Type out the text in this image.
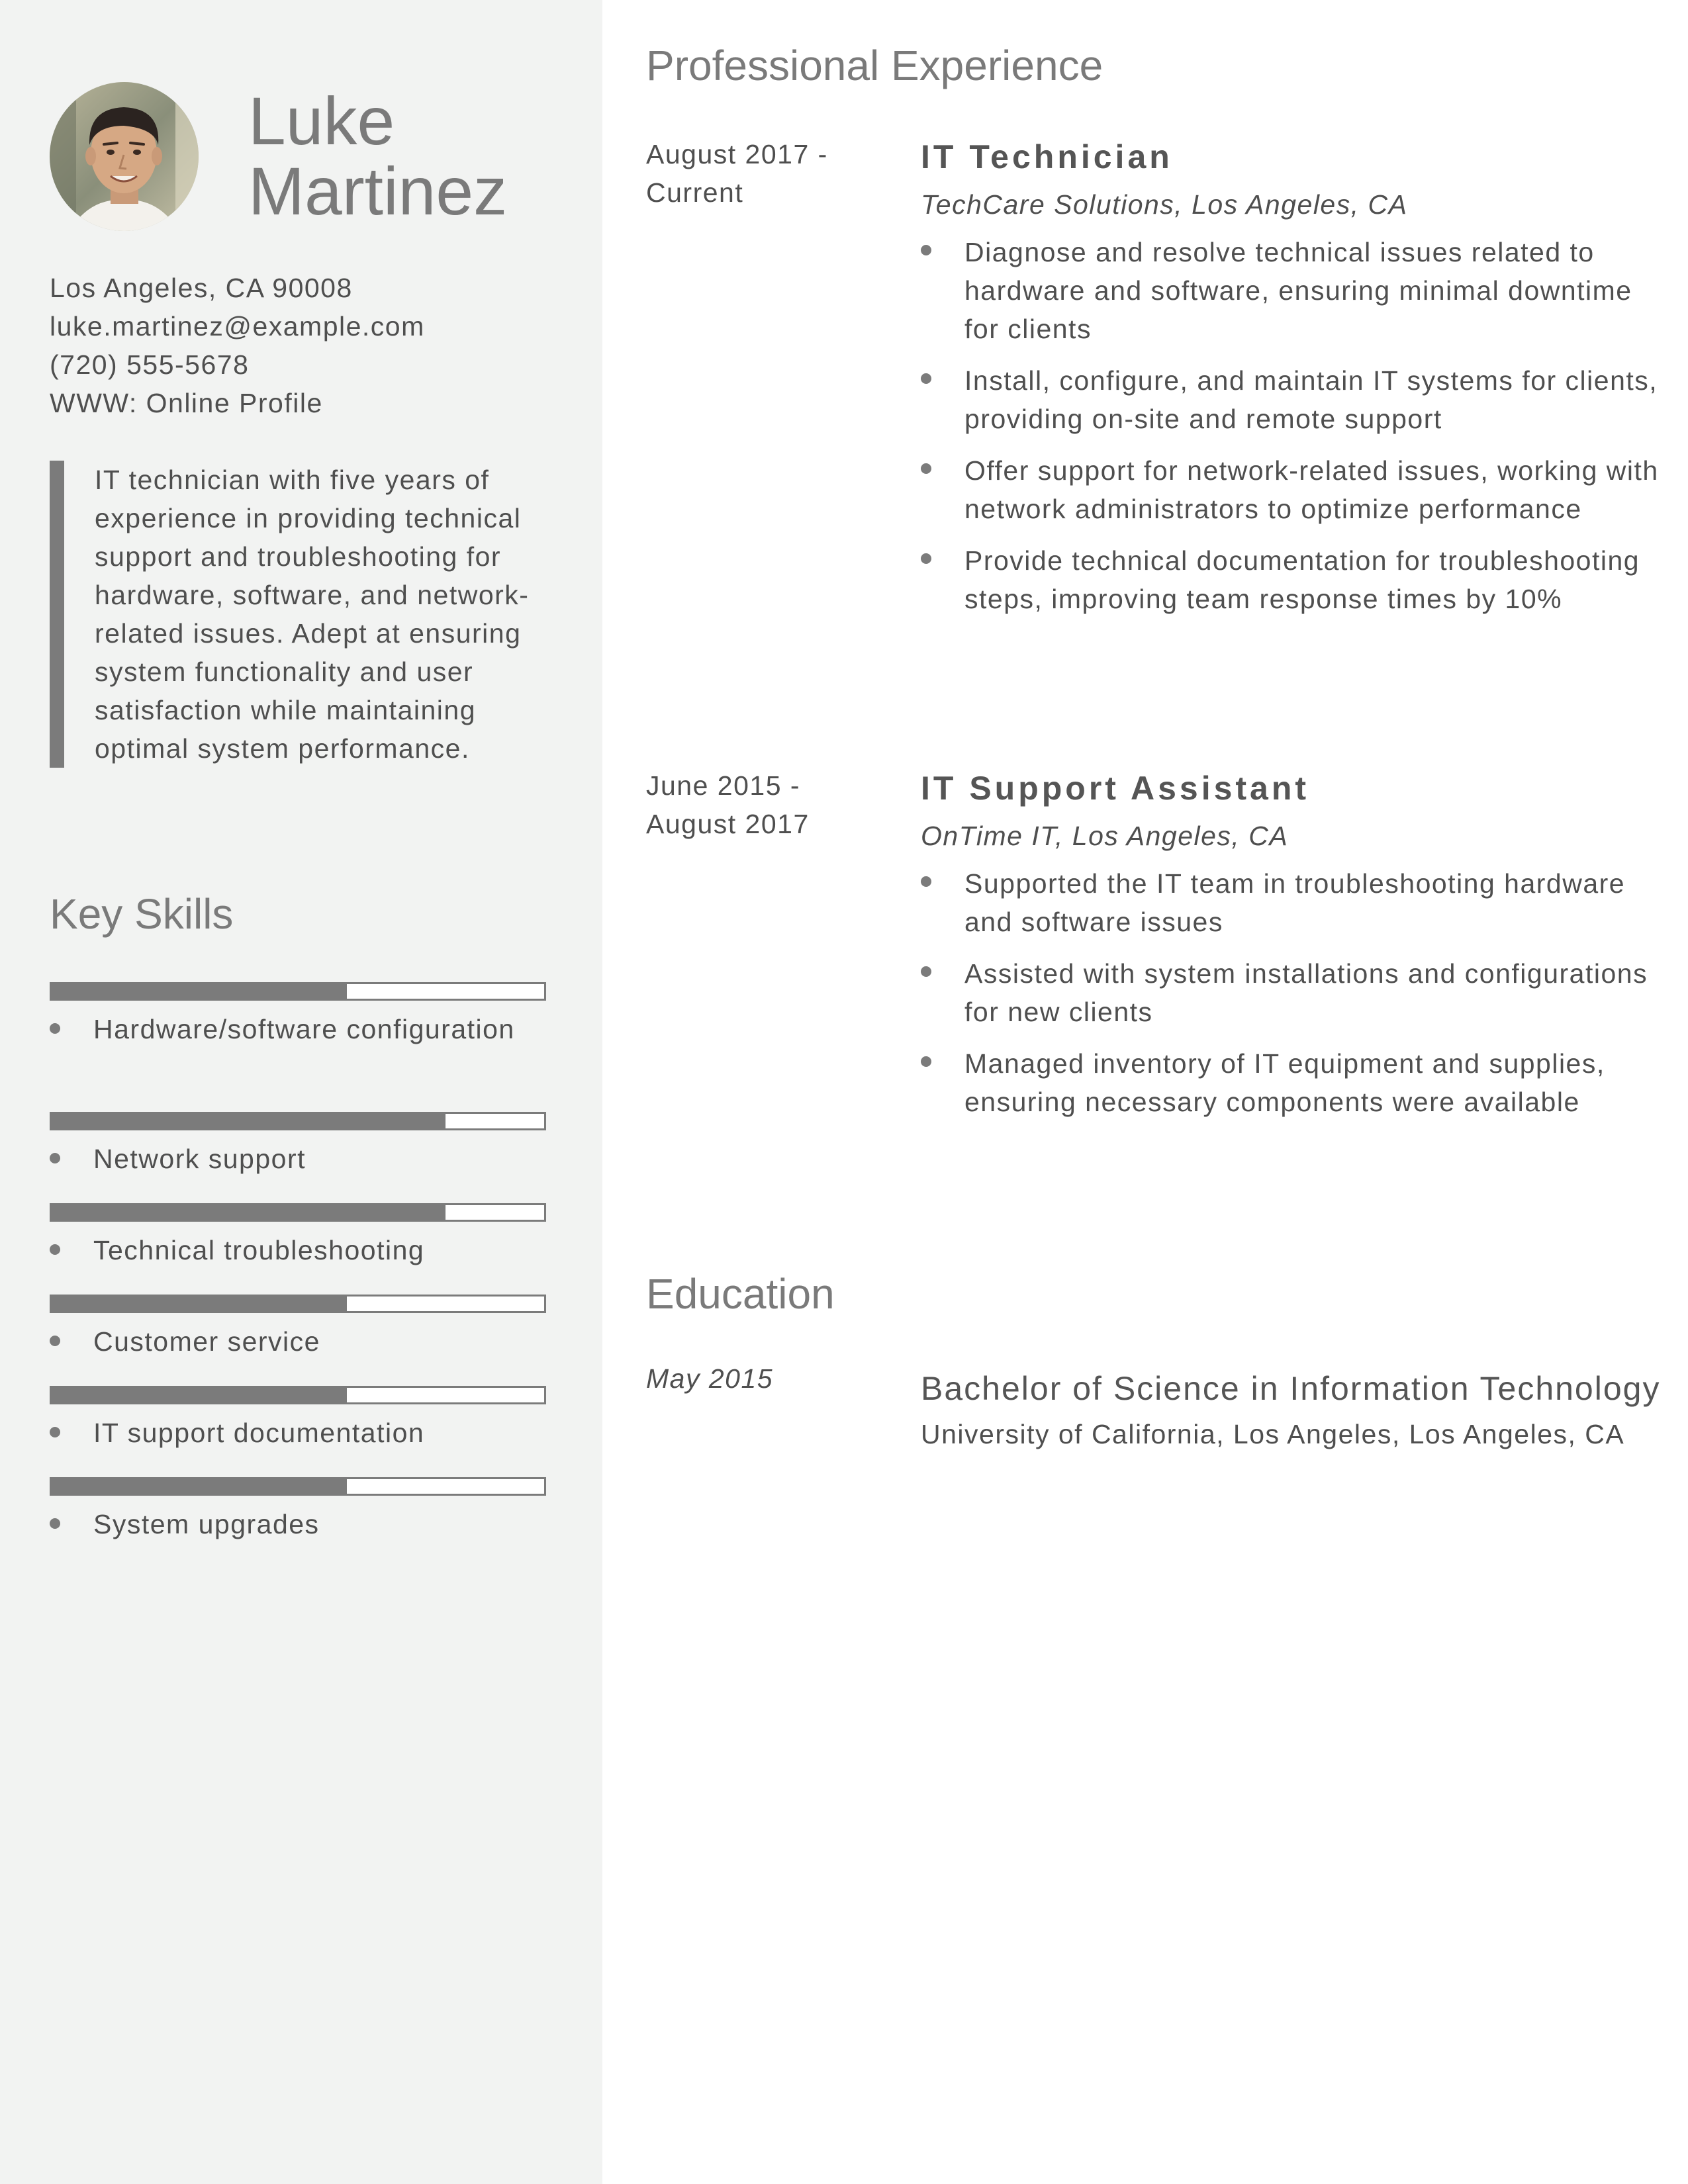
Luke
Martinez
Los Angeles, CA 90008
luke.martinez@example.com
(720) 555-5678
WWW: Online Profile
IT technician with five years of experience in providing technical support and troubleshooting for hardware, software, and network-related issues. Adept at ensuring system functionality and user satisfaction while maintaining optimal system performance.
Key Skills
Hardware/software configuration
Network support
Technical troubleshooting
Customer service
IT support documentation
System upgrades
Professional Experience
August 2017 - Current
IT Technician
TechCare Solutions, Los Angeles, CA
Diagnose and resolve technical issues related to hardware and software, ensuring minimal downtime for clients
Install, configure, and maintain IT systems for clients, providing on-site and remote support
Offer support for network-related issues, working with network administrators to optimize performance
Provide technical documentation for troubleshooting steps, improving team response times by 10%
June 2015 - August 2017
IT Support Assistant
OnTime IT, Los Angeles, CA
Supported the IT team in troubleshooting hardware and software issues
Assisted with system installations and configurations for new clients
Managed inventory of IT equipment and supplies, ensuring necessary components were available
Education
May 2015	Bachelor of Science in Information Technology
University of California, Los Angeles, Los Angeles, CA
